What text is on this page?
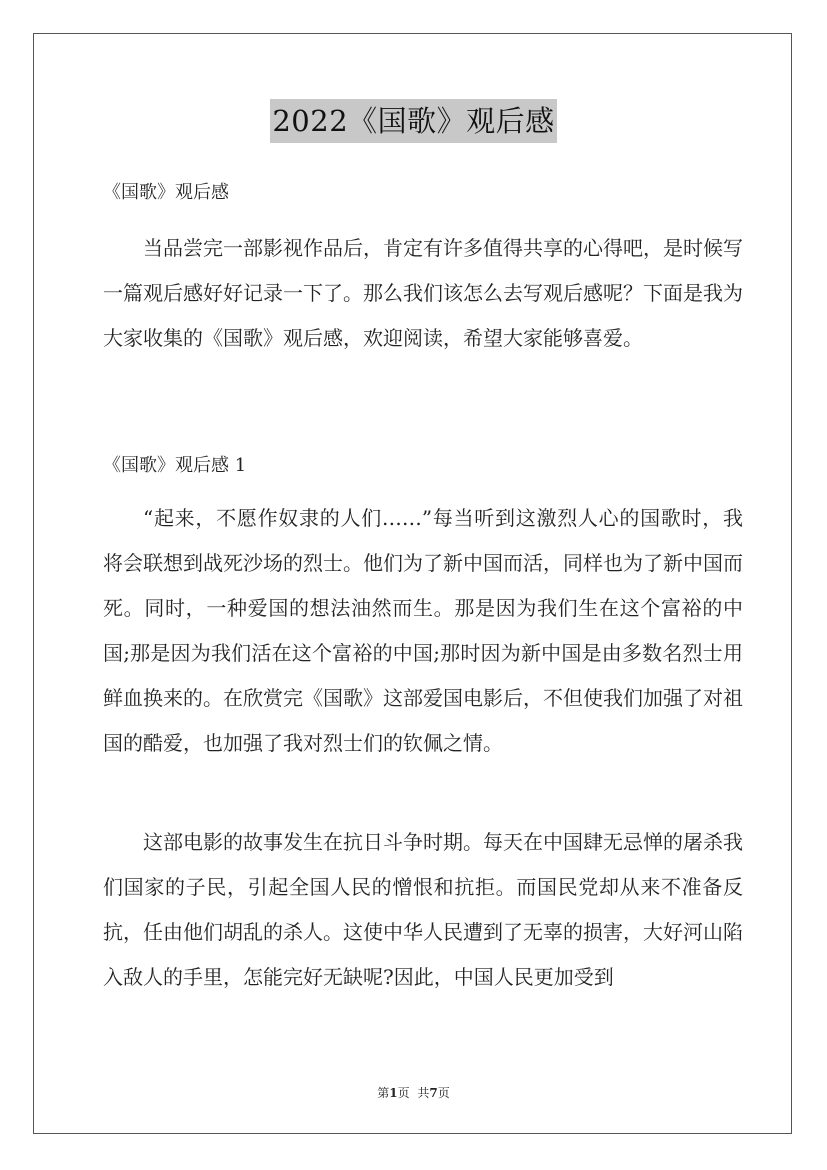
2022《国歌》观后感
《国歌》观后感

当品尝完一部影视作品后，肯定有许多值得共享的心得吧，是时候写一篇观后感好好记录一下了。那么我们该怎么去写观后感呢？下面是我为大家收集的《国歌》观后感，欢迎阅读，希望大家能够喜爱。

《国歌》观后感 1

“起来，不愿作奴隶的人们……”每当听到这激烈人心的国歌时，我将会联想到战死沙场的烈士。他们为了新中国而活，同样也为了新中国而死。同时，一种爱国的想法油然而生。那是因为我们生在这个富裕的中国;那是因为我们活在这个富裕的中国;那时因为新中国是由多数名烈士用鲜血换来的。在欣赏完《国歌》这部爱国电影后，不但使我们加强了对祖国的酷爱，也加强了我对烈士们的钦佩之情。

这部电影的故事发生在抗日斗争时期。每天在中国肆无忌惮的屠杀我们国家的子民，引起全国人民的憎恨和抗拒。而国民党却从来不准备反抗，任由他们胡乱的杀人。这使中华人民遭到了无辜的损害，大好河山陷入敌人的手里，怎能完好无缺呢?因此，中国人民更加受到

第1页 共7页
